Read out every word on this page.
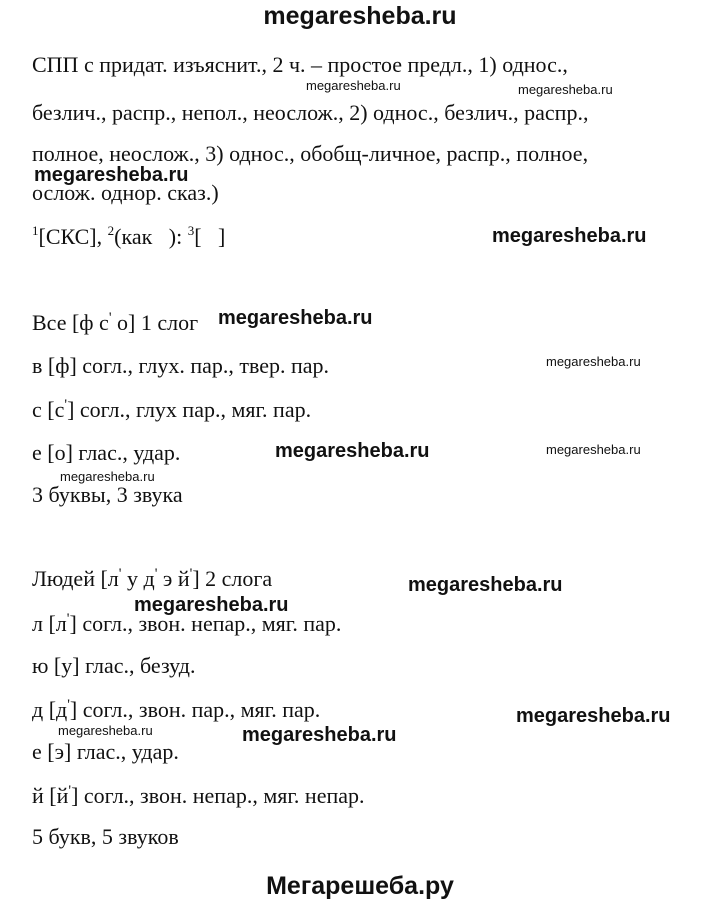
megaresheba.ru
СПП с придат. изъяснит., 2 ч. – простое предл., 1) однос.,
безлич., распр., непол., неослож., 2) однос., безлич., распр.,
полное, неослож., 3) однос., обобщ-личное, распр., полное,
ослож. однор. сказ.)
$^1$[СКС], $^2$(как   ): $^3$[   ]
Все [ф с' о] 1 слог
в [ф] согл., глух. пар., твер. пар.
с [с'] согл., глух пар., мяг. пар.
е [о] глас., удар.
3 буквы, 3 звука
Людей [л' у д' э й'] 2 слога
л [л'] согл., звон. непар., мяг. пар.
ю [у] глас., безуд.
д [д'] согл., звон. пар., мяг. пар.
е [э] глас., удар.
й [й'] согл., звон. непар., мяг. непар.
5 букв, 5 звуков
megaresheba.ru	megaresheba.ru
megaresheba.ru
megaresheba.ru
megaresheba.ru
megaresheba.ru
megaresheba.ru	megaresheba.ru
megaresheba.ru
megaresheba.ru
megaresheba.ru
megaresheba.ru
megaresheba.ru	megaresheba.ru
Мегарешеба.ру
